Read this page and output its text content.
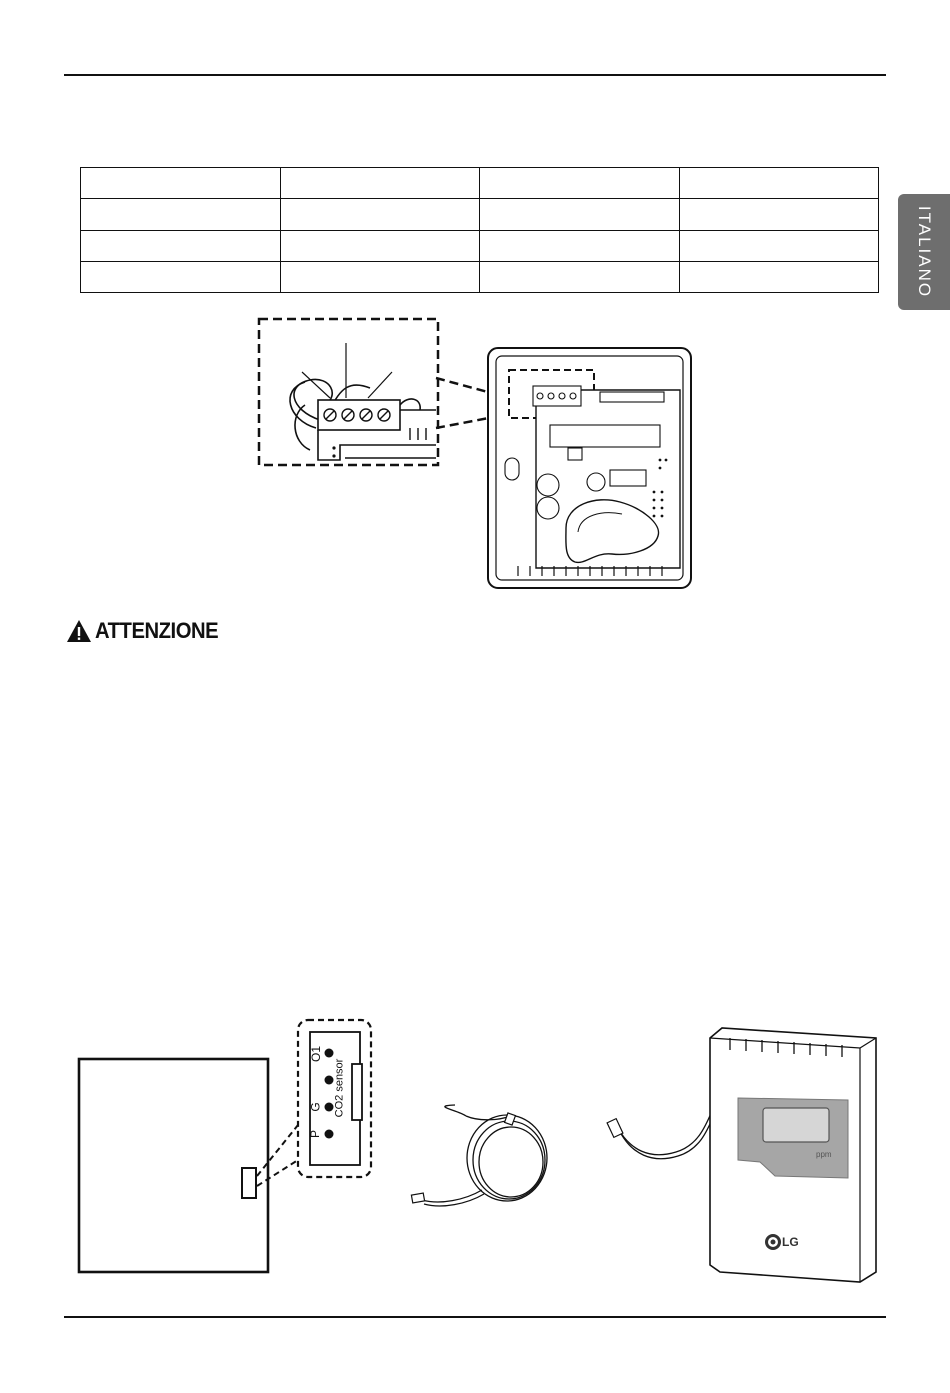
ITALIANO

ATTENZIONE
O1
G
P
CO2 sensor
ppm
LG
